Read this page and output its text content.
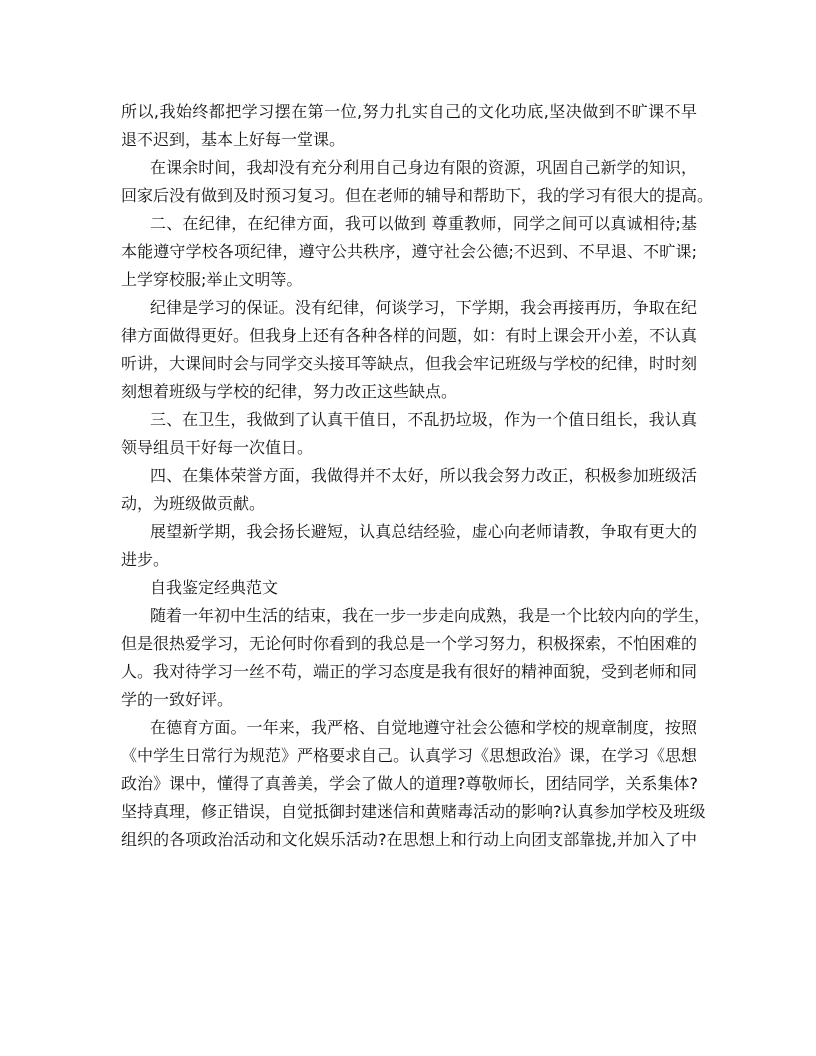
所以,我始终都把学习摆在第一位,努力扎实自己的文化功底,坚决做到不旷课不早
退不迟到，基本上好每一堂课。
在课余时间，我却没有充分利用自己身边有限的资源，巩固自己新学的知识，
回家后没有做到及时预习复习。但在老师的辅导和帮助下，我的学习有很大的提高。
二、在纪律，在纪律方面，我可以做到 尊重教师，同学之间可以真诚相待;基
本能遵守学校各项纪律，遵守公共秩序，遵守社会公德;不迟到、不早退、不旷课;
上学穿校服;举止文明等。
纪律是学习的保证。没有纪律，何谈学习，下学期，我会再接再历，争取在纪
律方面做得更好。但我身上还有各种各样的问题，如：有时上课会开小差，不认真
听讲，大课间时会与同学交头接耳等缺点，但我会牢记班级与学校的纪律，时时刻
刻想着班级与学校的纪律，努力改正这些缺点。
三、在卫生，我做到了认真干值日，不乱扔垃圾，作为一个值日组长，我认真
领导组员干好每一次值日。
四、在集体荣誉方面，我做得并不太好，所以我会努力改正，积极参加班级活
动，为班级做贡献。
展望新学期，我会扬长避短，认真总结经验，虚心向老师请教，争取有更大的
进步。
自我鉴定经典范文
随着一年初中生活的结束，我在一步一步走向成熟，我是一个比较内向的学生，
但是很热爱学习，无论何时你看到的我总是一个学习努力，积极探索，不怕困难的
人。我对待学习一丝不苟，端正的学习态度是我有很好的精神面貌，受到老师和同
学的一致好评。
在德育方面。一年来，我严格、自觉地遵守社会公德和学校的规章制度，按照
《中学生日常行为规范》严格要求自己。认真学习《思想政治》课，在学习《思想
政治》课中，懂得了真善美，学会了做人的道理?尊敬师长，团结同学，关系集体?
坚持真理，修正错误，自觉抵御封建迷信和黄赌毒活动的影响?认真参加学校及班级
组织的各项政治活动和文化娱乐活动?在思想上和行动上向团支部靠拢,并加入了中
